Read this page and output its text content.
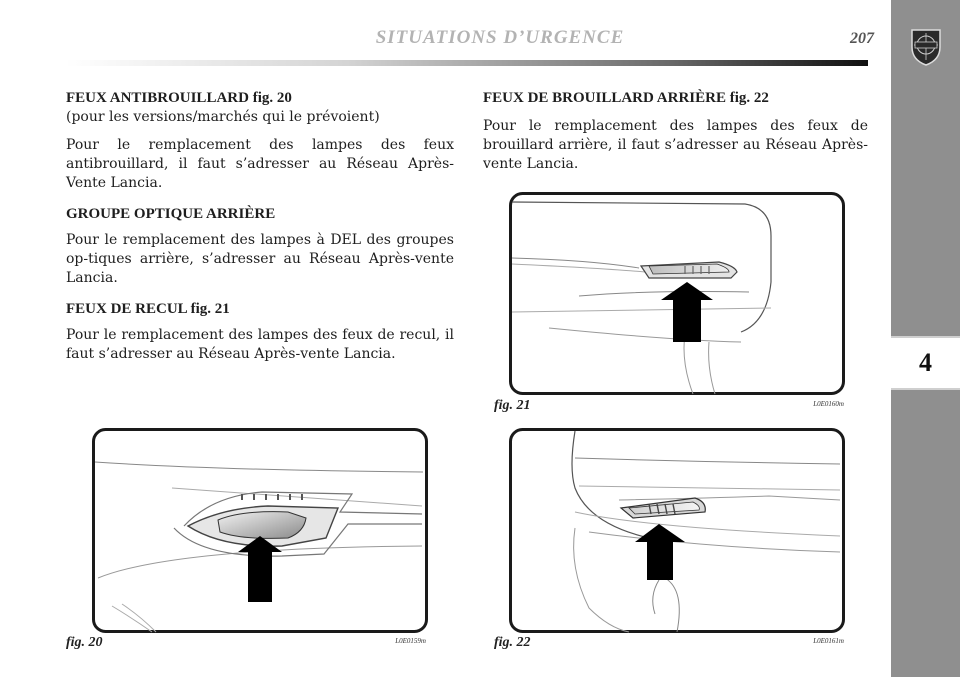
SITUATIONS D’URGENCE	207
4
FEUX ANTIBROUILLARD fig. 20

(pour les versions/marchés qui le prévoient)

Pour le remplacement des lampes des feux antibrouillard, il faut s’adresser au Réseau Après-Vente Lancia.

GROUPE OPTIQUE ARRIÈRE

Pour le remplacement des lampes à DEL des groupes op-tiques arrière, s’adresser au Réseau Après-vente Lancia.

FEUX DE RECUL fig. 21

Pour le remplacement des lampes des feux de recul, il faut s’adresser au Réseau Après-vente Lancia.

FEUX DE BROUILLARD ARRIÈRE fig. 22

Pour le remplacement des lampes des feux de brouillard arrière, il faut s’adresser au Réseau Après-vente Lancia.

fig. 20	L0E0159m
fig. 21	L0E0160m
fig. 22	L0E0161m
